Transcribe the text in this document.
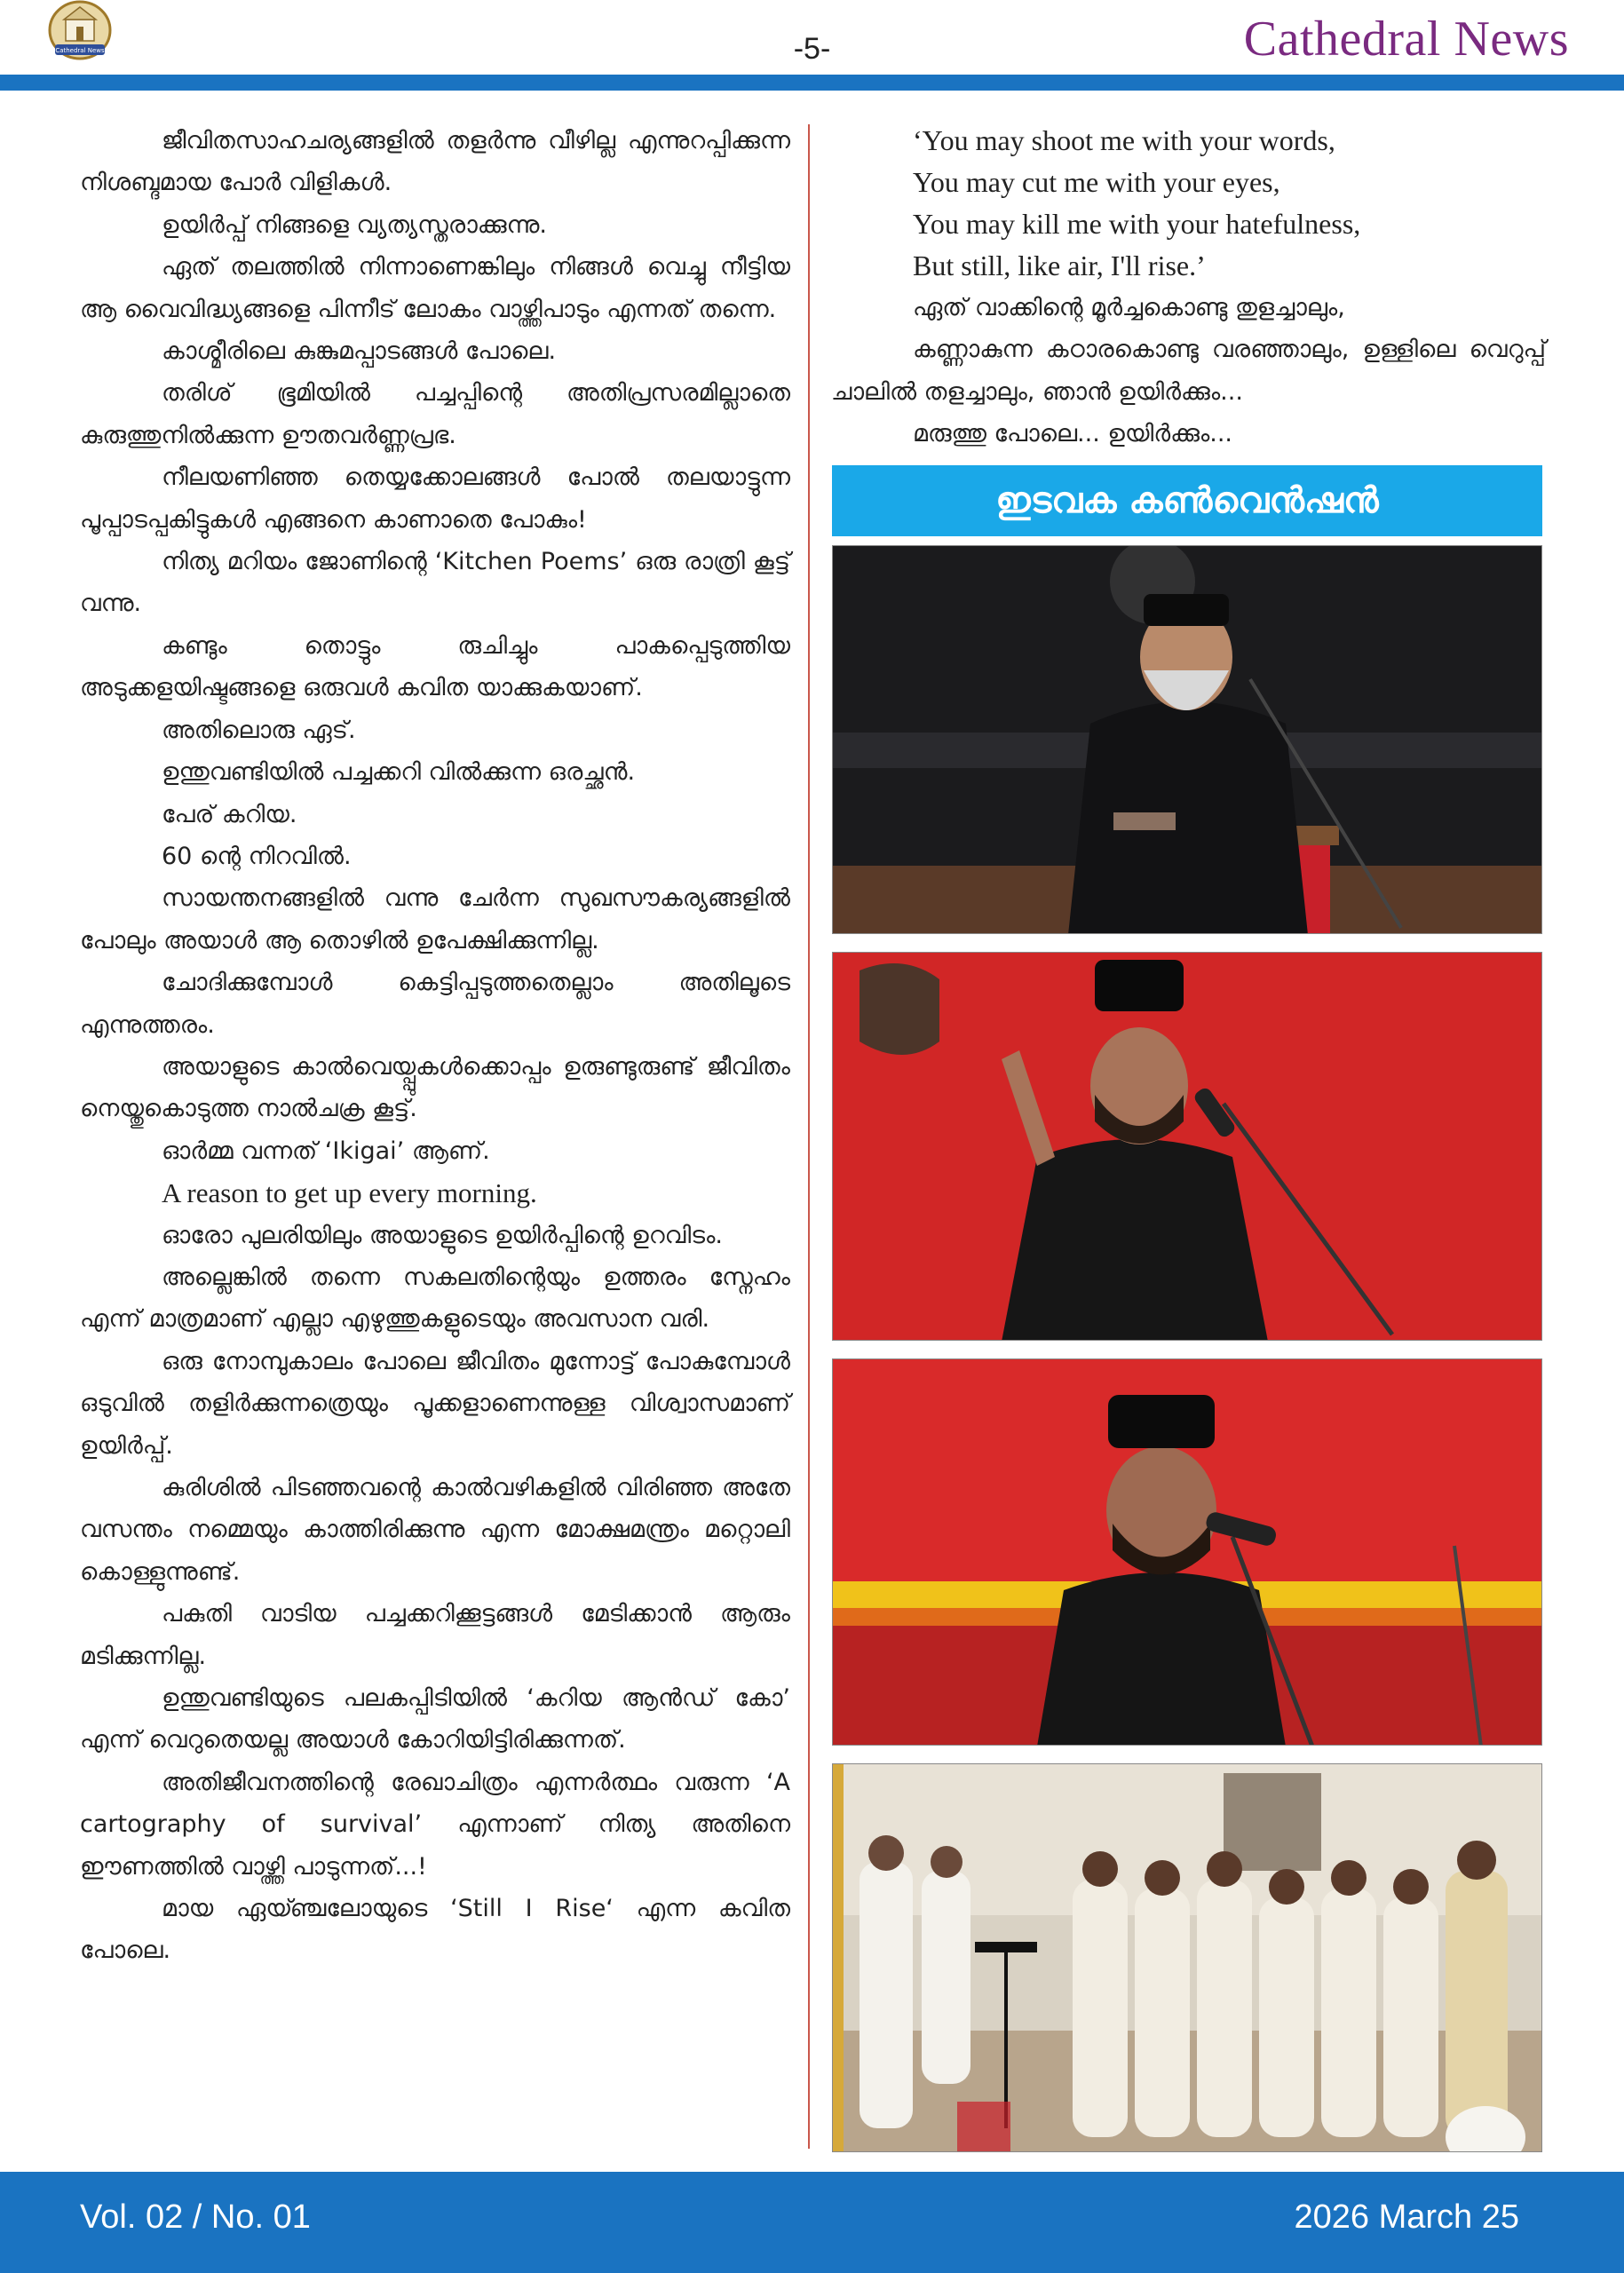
Cathedral News	-5-	Cathedral News

ജീവിതസാഹചര്യങ്ങളിൽ തളർന്നു വീഴില്ല എന്നുറപ്പിക്കുന്ന നിശബ്ദമായ പോർ വിളികൾ.

ഉയിർപ്പ് നിങ്ങളെ വ്യത്യസ്തരാക്കുന്നു.

ഏത് തലത്തിൽ നിന്നാണെങ്കിലും നിങ്ങൾ വെച്ചു നീട്ടിയ ആ വൈവിദ്ധ്യങ്ങളെ പിന്നീട് ലോകം വാഴ്ത്തിപാടും എന്നത് തന്നെ.

കാശ്മീരിലെ കുങ്കുമപ്പാടങ്ങൾ പോലെ.

തരിശ് ഭൂമിയിൽ പച്ചപ്പിന്റെ അതിപ്രസരമില്ലാതെ കുരുത്തുനിൽക്കുന്ന ഊതവർണ്ണപ്രഭ.

നീലയണിഞ്ഞ തെയ്യക്കോലങ്ങൾ പോൽ തലയാട്ടുന്ന പൂപ്പാടപ്പകിട്ടുകൾ എങ്ങനെ കാണാതെ പോകും!

നിത്യ മറിയം ജോണിന്റെ ‘Kitchen Poems’ ഒരു രാത്രി കൂട്ട് വന്നു.

കണ്ടും തൊട്ടും രുചിച്ചും പാകപ്പെടുത്തിയ അടുക്കളയിഷ്ടങ്ങളെ ഒരുവൾ കവിത യാക്കുകയാണ്.

അതിലൊരു ഏട്.

ഉന്തുവണ്ടിയിൽ പച്ചക്കറി വിൽക്കുന്ന ഒരച്ഛൻ.

പേര് കറിയ.

60 ന്റെ നിറവിൽ.

സായന്തനങ്ങളിൽ വന്നു ചേർന്ന സുഖസൗകര്യങ്ങളിൽ പോലും അയാൾ ആ തൊഴിൽ ഉപേക്ഷിക്കുന്നില്ല.

ചോദിക്കുമ്പോൾ കെട്ടിപ്പടുത്തതെല്ലാം അതിലൂടെ എന്നുത്തരം.

അയാളുടെ കാൽവെയ്പ്പുകൾക്കൊപ്പം ഉരുണ്ടുരുണ്ട് ജീവിതം നെയ്തുകൊടുത്ത നാൽചക്ര കൂട്ട്.

ഓർമ്മ വന്നത് ‘Ikigai’ ആണ്.

A reason to get up every morning.

ഓരോ പുലരിയിലും അയാളുടെ ഉയിർപ്പിന്റെ ഉറവിടം.

അല്ലെങ്കിൽ തന്നെ സകലതിന്റെയും ഉത്തരം സ്നേഹം എന്ന് മാത്രമാണ് എല്ലാ എഴുത്തുകളുടെയും അവസാന വരി.

ഒരു നോമ്പുകാലം പോലെ ജീവിതം മുന്നോട്ട് പോകുമ്പോൾ ഒടുവിൽ തളിർക്കുന്നത്രെയും പൂക്കളാണെന്നുള്ള വിശ്വാസമാണ് ഉയിർപ്പ്.

കുരിശിൽ പിടഞ്ഞവന്റെ കാൽവഴികളിൽ വിരിഞ്ഞ അതേ വസന്തം നമ്മെയും കാത്തിരിക്കുന്നു എന്ന മോക്ഷമന്ത്രം മറ്റൊലി കൊള്ളുന്നുണ്ട്.

പകുതി വാടിയ പച്ചക്കറിക്കൂട്ടങ്ങൾ മേടിക്കാൻ ആരും മടിക്കുന്നില്ല.

ഉന്തുവണ്ടിയുടെ പലകപ്പിടിയിൽ ‘കറിയ ആൻഡ് കോ’ എന്ന് വെറുതെയല്ല അയാൾ കോറിയിട്ടിരിക്കുന്നത്.

അതിജീവനത്തിന്റെ രേഖാചിത്രം എന്നർത്ഥം വരുന്ന ‘A cartography of survival’ എന്നാണ് നിത്യ അതിനെ ഈണത്തിൽ വാഴ്ത്തി പാടുന്നത്...!

മായ ഏയ്ഞ്ചലോയുടെ ‘Still I Rise‘ എന്ന കവിത പോലെ.

‘You may shoot me with your words,
You may cut me with your eyes,
You may kill me with your hatefulness,
But still, like air, I'll rise.’

ഏത് വാക്കിന്റെ മൂർച്ചകൊണ്ടു തുളച്ചാലും,

കണ്ണാകുന്ന കഠാരകൊണ്ടു വരഞ്ഞാലും, ഉള്ളിലെ വെറുപ്പ് ചാലിൽ തളച്ചാലും, ഞാൻ ഉയിർക്കും...

മരുത്തു പോലെ... ഉയിർക്കും...

ഇടവക കൺവെൻഷൻ
Vol. 02 / No. 01	2026 March 25
